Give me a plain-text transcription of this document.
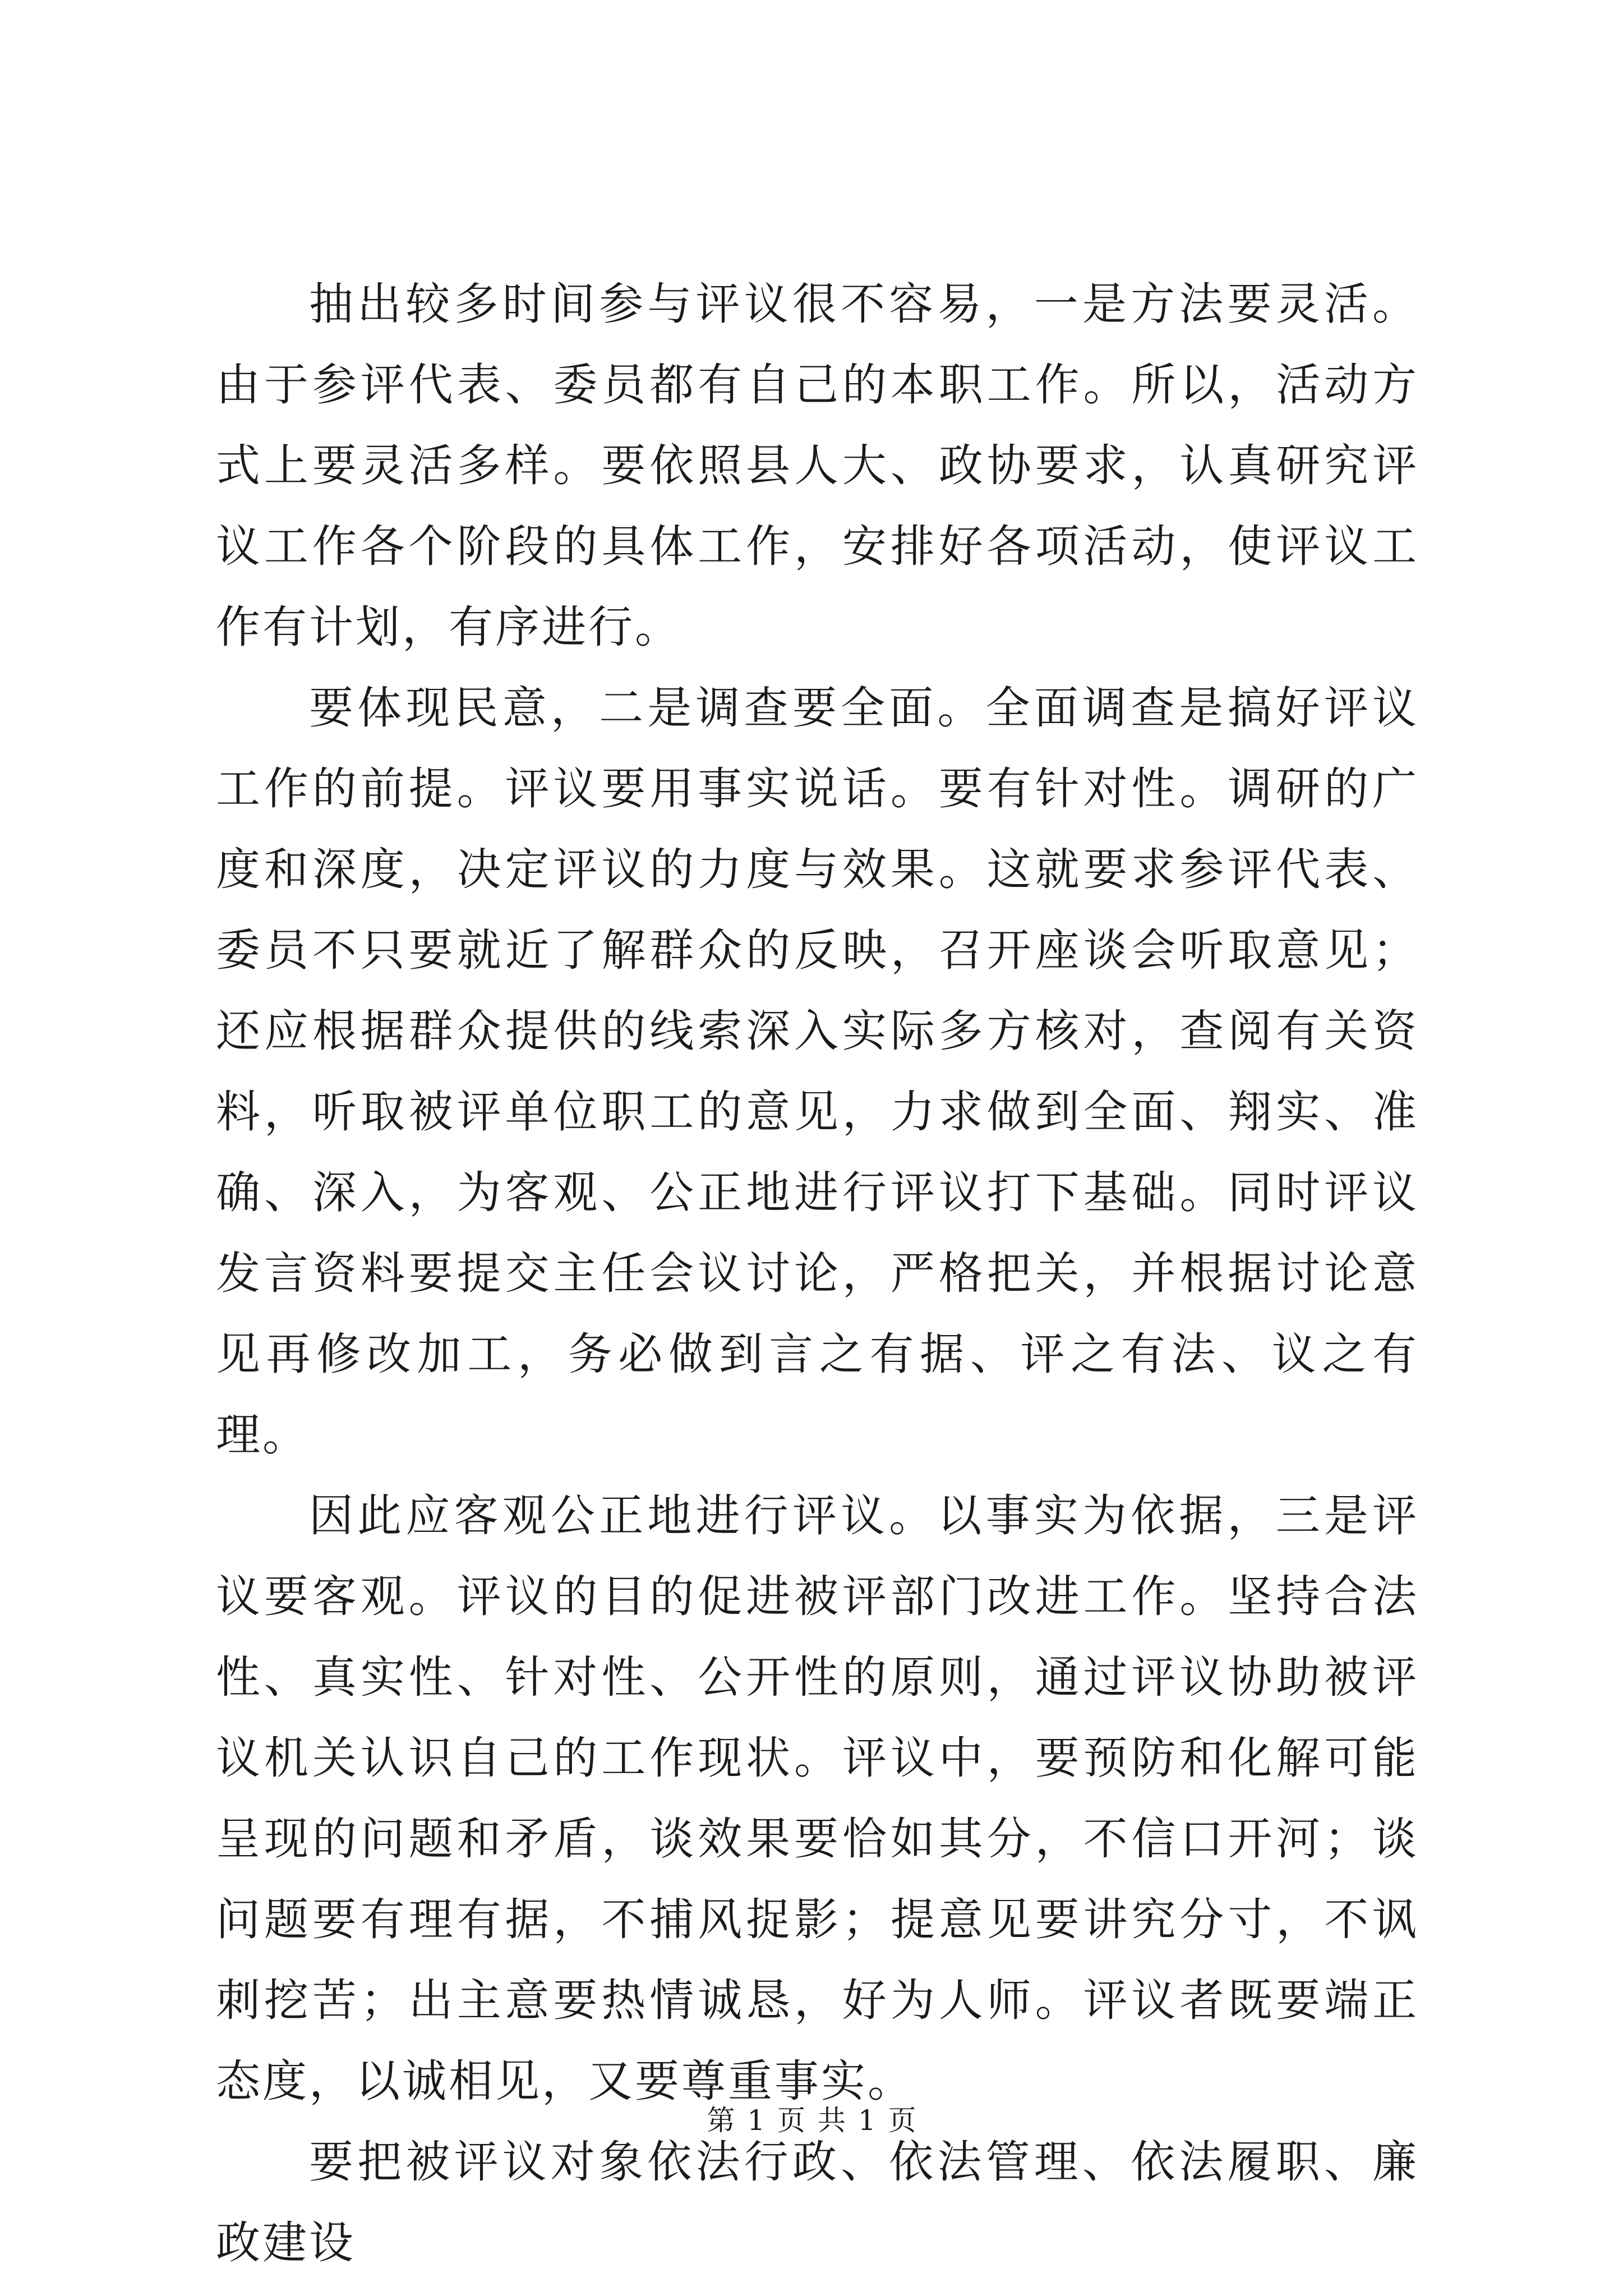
抽出较多时间参与评议很不容易，一是方法要灵活。由于参评代表、委员都有自己的本职工作。所以，活动方式上要灵活多样。要依照县人大、政协要求，认真研究评议工作各个阶段的具体工作，安排好各项活动，使评议工作有计划，有序进行。

要体现民意，二是调查要全面。全面调查是搞好评议工作的前提。评议要用事实说话。要有针对性。调研的广度和深度，决定评议的力度与效果。这就要求参评代表、委员不只要就近了解群众的反映，召开座谈会听取意见；还应根据群众提供的线索深入实际多方核对，查阅有关资料，听取被评单位职工的意见，力求做到全面、翔实、准确、深入，为客观、公正地进行评议打下基础。同时评议发言资料要提交主任会议讨论，严格把关，并根据讨论意见再修改加工，务必做到言之有据、评之有法、议之有理。

因此应客观公正地进行评议。以事实为依据，三是评议要客观。评议的目的促进被评部门改进工作。坚持合法性、真实性、针对性、公开性的原则，通过评议协助被评议机关认识自己的工作现状。评议中，要预防和化解可能呈现的问题和矛盾，谈效果要恰如其分，不信口开河；谈问题要有理有据，不捕风捉影；提意见要讲究分寸，不讽刺挖苦；出主意要热情诚恳，好为人师。评议者既要端正态度，以诚相见，又要尊重事实。

要把被评议对象依法行政、依法管理、依法履职、廉政建设

第 1 页 共 1 页
